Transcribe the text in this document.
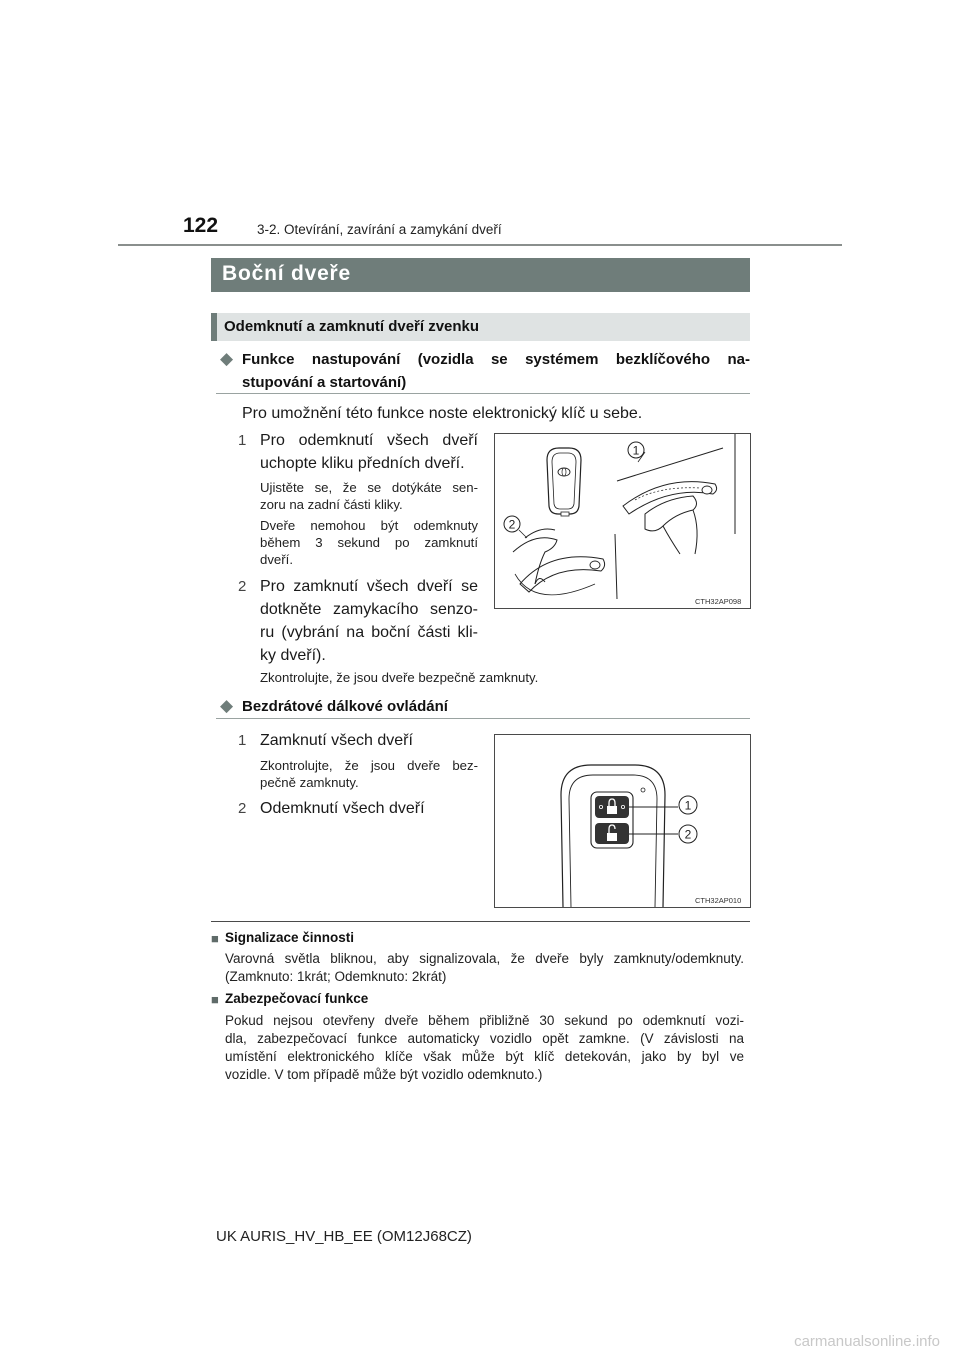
122	3-2. Otevírání, zavírání a zamykání dveří
Boční dveře
Odemknutí a zamknutí dveří zvenku
◆ Funkce nastupování (vozidla se systémem bezklíčového na-
stupování a startování)
Pro umožnění této funkce noste elektronický klíč u sebe.
1 Pro odemknutí všech dveří
uchopte kliku předních dveří.
Ujistěte se, že se dotýkáte sen-
zoru na zadní části kliky.
Dveře nemohou být odemknuty
během 3 sekund po zamknutí
dveří.
2 Pro zamknutí všech dveří se
dotkněte zamykacího senzo-
ru (vybrání na boční části kli-
ky dveří).
1
2
CTH32AP098
Zkontrolujte, že jsou dveře bezpečně zamknuty.
◆ Bezdrátové dálkové ovládání
1 Zamknutí všech dveří
Zkontrolujte, že jsou dveře bez-
pečně zamknuty.
2 Odemknutí všech dveří	1
2
CTH32AP010
■ Signalizace činnosti
Varovná světla bliknou, aby signalizovala, že dveře byly zamknuty/odemknuty.
(Zamknuto: 1krát; Odemknuto: 2krát)
■ Zabezpečovací funkce
Pokud nejsou otevřeny dveře během přibližně 30 sekund po odemknutí vozi-
dla, zabezpečovací funkce automaticky vozidlo opět zamkne. (V závislosti na
umístění elektronického klíče však může být klíč detekován, jako by byl ve
vozidle. V tom případě může být vozidlo odemknuto.)
UK AURIS_HV_HB_EE (OM12J68CZ)
carmanualsonline.info
